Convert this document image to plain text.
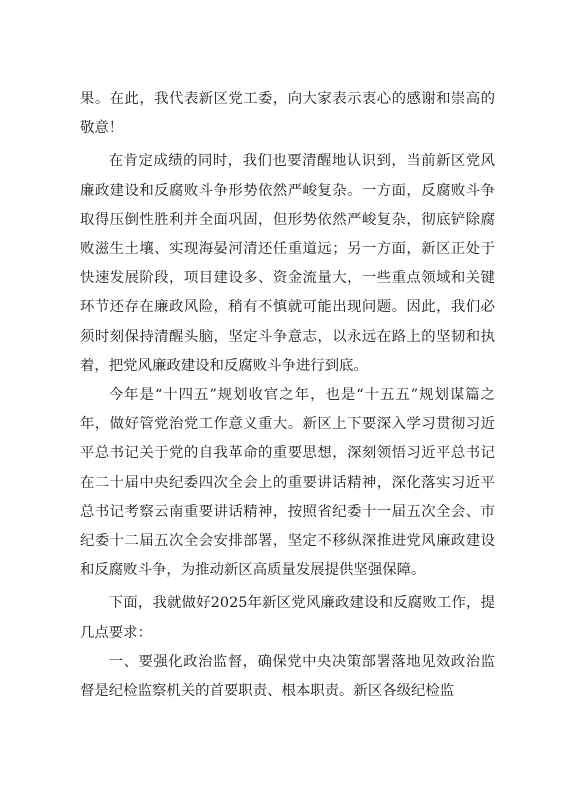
果。在此，我代表新区党工委，向大家表示衷心的感谢和崇高的敬意！

在肯定成绩的同时，我们也要清醒地认识到，当前新区党风廉政建设和反腐败斗争形势依然严峻复杂。一方面，反腐败斗争取得压倒性胜利并全面巩固，但形势依然严峻复杂，彻底铲除腐败滋生土壤、实现海晏河清还任重道远；另一方面，新区正处于快速发展阶段，项目建设多、资金流量大，一些重点领域和关键环节还存在廉政风险，稍有不慎就可能出现问题。因此，我们必须时刻保持清醒头脑，坚定斗争意志，以永远在路上的坚韧和执着，把党风廉政建设和反腐败斗争进行到底。

今年是“十四五”规划收官之年，也是“十五五”规划谋篇之年，做好管党治党工作意义重大。新区上下要深入学习贯彻习近平总书记关于党的自我革命的重要思想，深刻领悟习近平总书记在二十届中央纪委四次全会上的重要讲话精神，深化落实习近平总书记考察云南重要讲话精神，按照省纪委十一届五次全会、市纪委十二届五次全会安排部署，坚定不移纵深推进党风廉政建设和反腐败斗争，为推动新区高质量发展提供坚强保障。

下面，我就做好2025年新区党风廉政建设和反腐败工作，提几点要求：

一、要强化政治监督，确保党中央决策部署落地见效政治监督是纪检监察机关的首要职责、根本职责。新区各级纪检监
